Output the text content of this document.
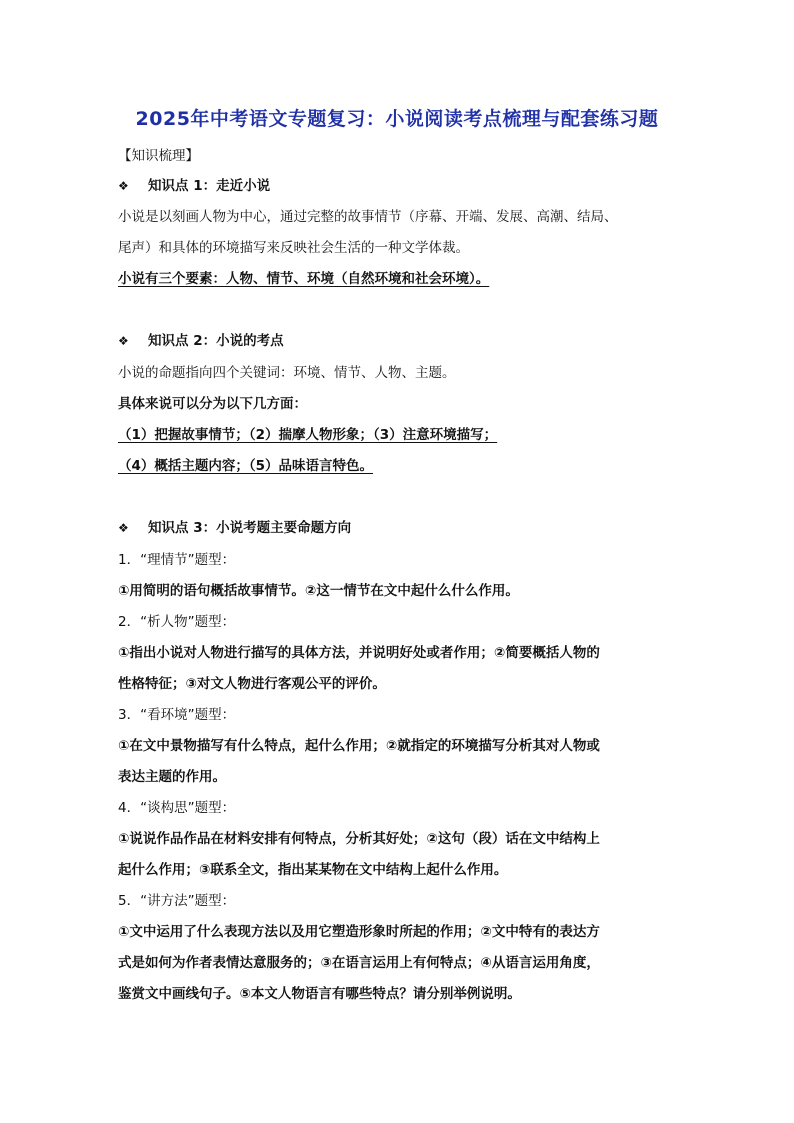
2025年中考语文专题复习：小说阅读考点梳理与配套练习题
【知识梳理】
❖ 知识点 1：走近小说
小说是以刻画人物为中心，通过完整的故事情节（序幕、开端、发展、高潮、结局、
尾声）和具体的环境描写来反映社会生活的一种文学体裁。
小说有三个要素：人物、情节、环境（自然环境和社会环境）。
❖ 知识点 2：小说的考点
小说的命题指向四个关键词：环境、情节、人物、主题。
具体来说可以分为以下几方面：
（1）把握故事情节；（2）揣摩人物形象；（3）注意环境描写；
（4）概括主题内容；（5）品味语言特色。
❖ 知识点 3：小说考题主要命题方向
1．“理情节”题型：
①用简明的语句概括故事情节。②这一情节在文中起什么什么作用。
2．“析人物”题型：
①指出小说对人物进行描写的具体方法，并说明好处或者作用；②简要概括人物的
性格特征；③对文人物进行客观公平的评价。
3．“看环境”题型：
①在文中景物描写有什么特点，起什么作用；②就指定的环境描写分析其对人物或
表达主题的作用。
4．“谈构思”题型：
①说说作品作品在材料安排有何特点，分析其好处；②这句（段）话在文中结构上
起什么作用；③联系全文，指出某某物在文中结构上起什么作用。
5．“讲方法”题型：
①文中运用了什么表现方法以及用它塑造形象时所起的作用；②文中特有的表达方
式是如何为作者表情达意服务的；③在语言运用上有何特点；④从语言运用角度，
鉴赏文中画线句子。⑤本文人物语言有哪些特点？请分别举例说明。
